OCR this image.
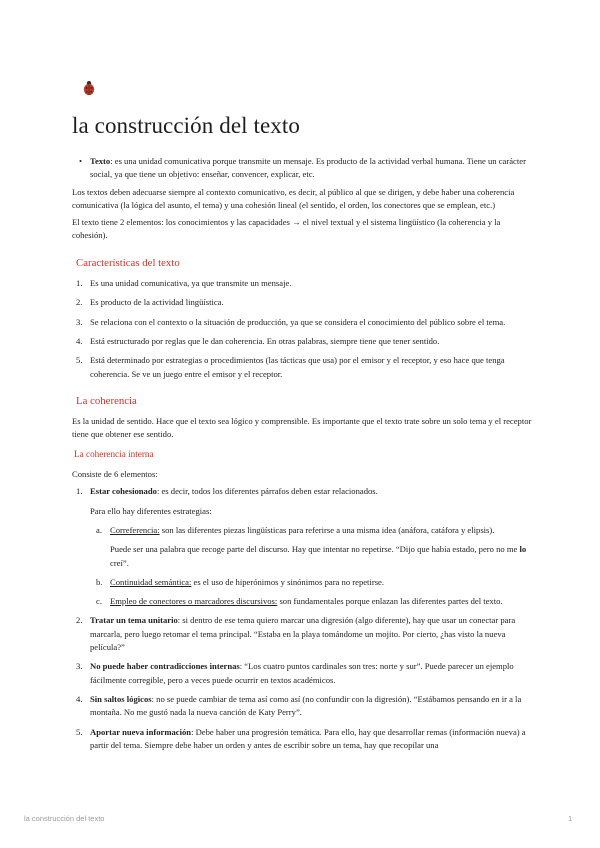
la construcción del texto
• Texto: es una unidad comunicativa porque transmite un mensaje. Es producto de la actividad verbal humana. Tiene un carácter social, ya que tiene un objetivo: enseñar, convencer, explicar, etc.

Los textos deben adecuarse siempre al contexto comunicativo, es decir, al público al que se dirigen, y debe haber una coherencia comunicativa (la lógica del asunto, el tema) y una cohesión lineal (el sentido, el orden, los conectores que se emplean, etc.)

El texto tiene 2 elementos: los conocimientos y las capacidades → el nivel textual y el sistema lingüístico (la coherencia y la cohesión).

Características del texto
1. Es una unidad comunicativa, ya que transmite un mensaje.
2. Es producto de la actividad lingüística.
3. Se relaciona con el contexto o la situación de producción, ya que se considera el conocimiento del público sobre el tema.
4. Está estructurado por reglas que le dan coherencia. En otras palabras, siempre tiene que tener sentido.
5. Está determinado por estrategias o procedimientos (las tácticas que usa) por el emisor y el receptor, y eso hace que tenga coherencia. Se ve un juego entre el emisor y el receptor.
La coherencia

Es la unidad de sentido. Hace que el texto sea lógico y comprensible. Es importante que el texto trate sobre un solo tema y el receptor tiene que obtener ese sentido.

La coherencia interna

Consiste de 6 elementos:

1. Estar cohesionado: es decir, todos los diferentes párrafos deben estar relacionados.
Para ello hay diferentes estrategias:
a. Correferencia: son las diferentes piezas lingüísticas para referirse a una misma idea (anáfora, catáfora y elipsis).
Puede ser una palabra que recoge parte del discurso. Hay que intentar no repetirse. “Dijo que había estado, pero no me lo creí”.
b. Continuidad semántica: es el uso de hiperónimos y sinónimos para no repetirse.
c. Empleo de conectores o marcadores discursivos: son fundamentales porque enlazan las diferentes partes del texto.
2. Tratar un tema unitario: si dentro de ese tema quiero marcar una digresión (algo diferente), hay que usar un conectar para marcarla, pero luego retomar el tema principal. “Estaba en la playa tomándome un mojito. Por cierto, ¿has visto la nueva película?”
3. No puede haber contradicciones internas: “Los cuatro puntos cardinales son tres: norte y sur”. Puede parecer un ejemplo fácilmente corregible, pero a veces puede ocurrir en textos académicos.
4. Sin saltos lógicos: no se puede cambiar de tema así como así (no confundir con la digresión). “Estábamos pensando en ir a la montaña. No me gustó nada la nueva canción de Katy Perry”.
5. Aportar nueva información: Debe haber una progresión temática. Para ello, hay que desarrollar remas (información nueva) a partir del tema. Siempre debe haber un orden y antes de escribir sobre un tema, hay que recopilar una
la construcción del texto	1
